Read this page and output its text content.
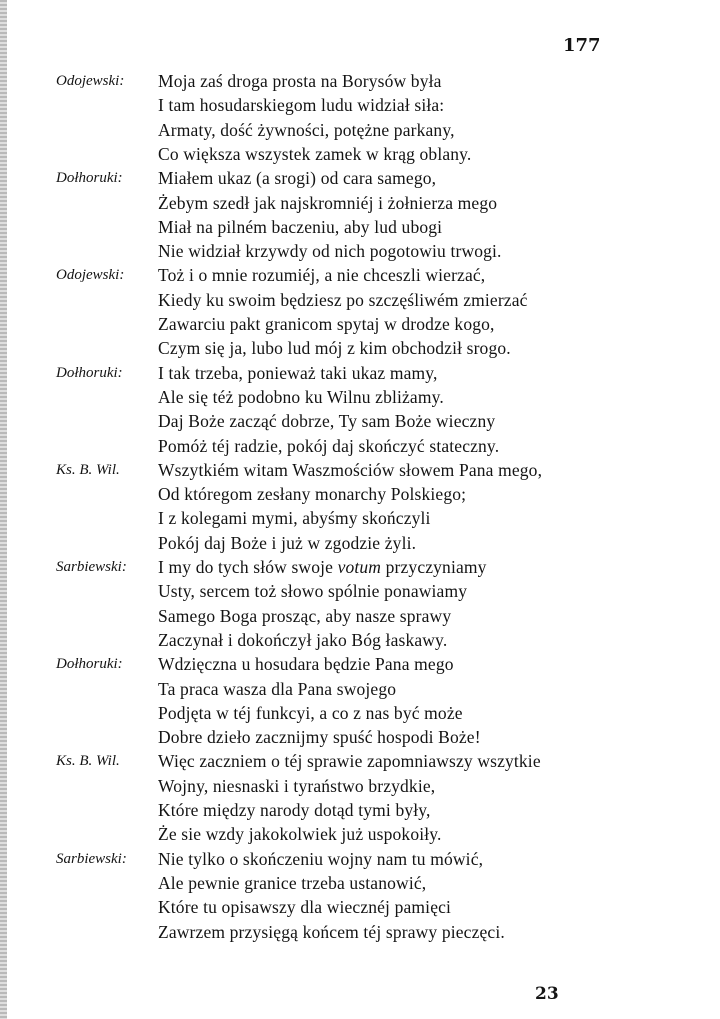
177
Odojewski: Moja zaś droga prosta na Borysów była
I tam hosudarskiegom ludu widział siła:
Armaty, dość żywności, potężne parkany,
Co większa wszystek zamek w krąg oblany.
Dołhoruki: Miałem ukaz (a srogi) od cara samego,
Żebym szedł jak najskromniéj i żołnierza mego
Miał na pilném baczeniu, aby lud ubogi
Nie widział krzywdy od nich pogotowiu trwogi.
Odojewski: Toż i o mnie rozumiéj, a nie chceszli wierzać,
Kiedy ku swoim będziesz po szczęśliwém zmierzać
Zawarciu pakt granicom spytaj w drodze kogo,
Czym się ja, lubo lud mój z kim obchodził srogo.
Dołhoruki: I tak trzeba, ponieważ taki ukaz mamy,
Ale się téż podobno ku Wilnu zbliżamy.
Daj Boże zacząć dobrze, Ty sam Boże wieczny
Pomóż téj radzie, pokój daj skończyć stateczny.
Ks. B. Wil. Wszytkiém witam Waszmościów słowem Pana mego,
Od któregom zesłany monarchy Polskiego;
I z kolegami mymi, abyśmy skończyli
Pokój daj Boże i już w zgodzie żyli.
Sarbiewski: I my do tych słów swoje votum przyczyniamy
Usty, sercem toż słowo spólnie ponawiamy
Samego Boga prosząc, aby nasze sprawy
Zaczynał i dokończył jako Bóg łaskawy.
Dołhoruki: Wdzięczna u hosudara będzie Pana mego
Ta praca wasza dla Pana swojego
Podjęta w téj funkcyi, a co z nas być może
Dobre dzieło zacznijmy spuść hospodi Boże!
Ks. B. Wil. Więc zaczniem o téj sprawie zapomniawszy wszytkie
Wojny, niesnaski i tyraństwo brzydkie,
Które między narody dotąd tymi były,
Że sie wzdy jakokolwiek już uspokoiły.
Sarbiewski: Nie tylko o skończeniu wojny nam tu mówić,
Ale pewnie granice trzeba ustanowić,
Które tu opisawszy dla wiecznéj pamięci
Zawrzem przysięgą końcem téj sprawy pieczęci.
23
